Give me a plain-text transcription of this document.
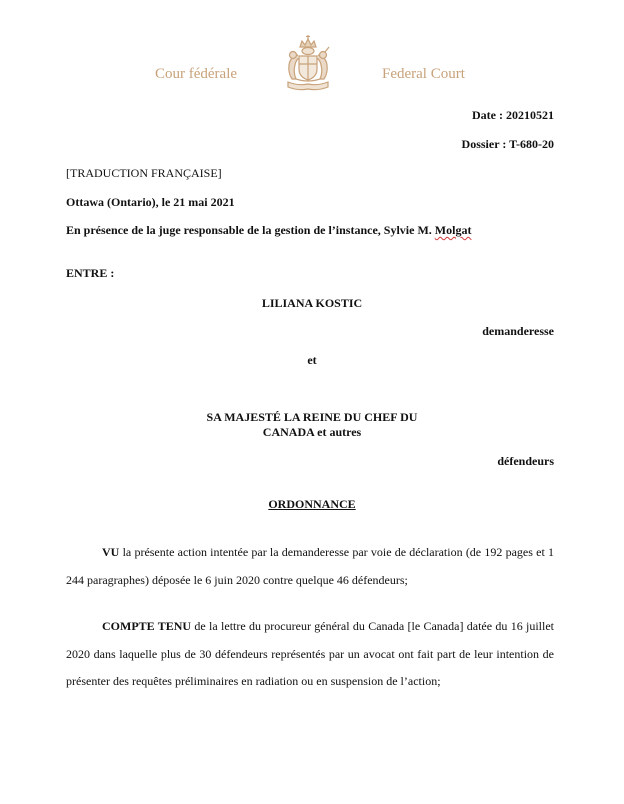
Cour fédérale	Federal Court
Date : 20210521
Dossier : T-680-20
[TRADUCTION FRANÇAISE]
Ottawa (Ontario), le 21 mai 2021
En présence de la juge responsable de la gestion de l’instance, Sylvie M. Molgat
ENTRE :
LILIANA KOSTIC
demanderesse
et
SA MAJESTÉ LA REINE DU CHEF DU
CANADA et autres
défendeurs
ORDONNANCE
VU la présente action intentée par la demanderesse par voie de déclaration (de 192 pages et 1 244 paragraphes) déposée le 6 juin 2020 contre quelque 46 défendeurs;
COMPTE TENU de la lettre du procureur général du Canada [le Canada] datée du 16 juillet 2020 dans laquelle plus de 30 défendeurs représentés par un avocat ont fait part de leur intention de présenter des requêtes préliminaires en radiation ou en suspension de l’action;
